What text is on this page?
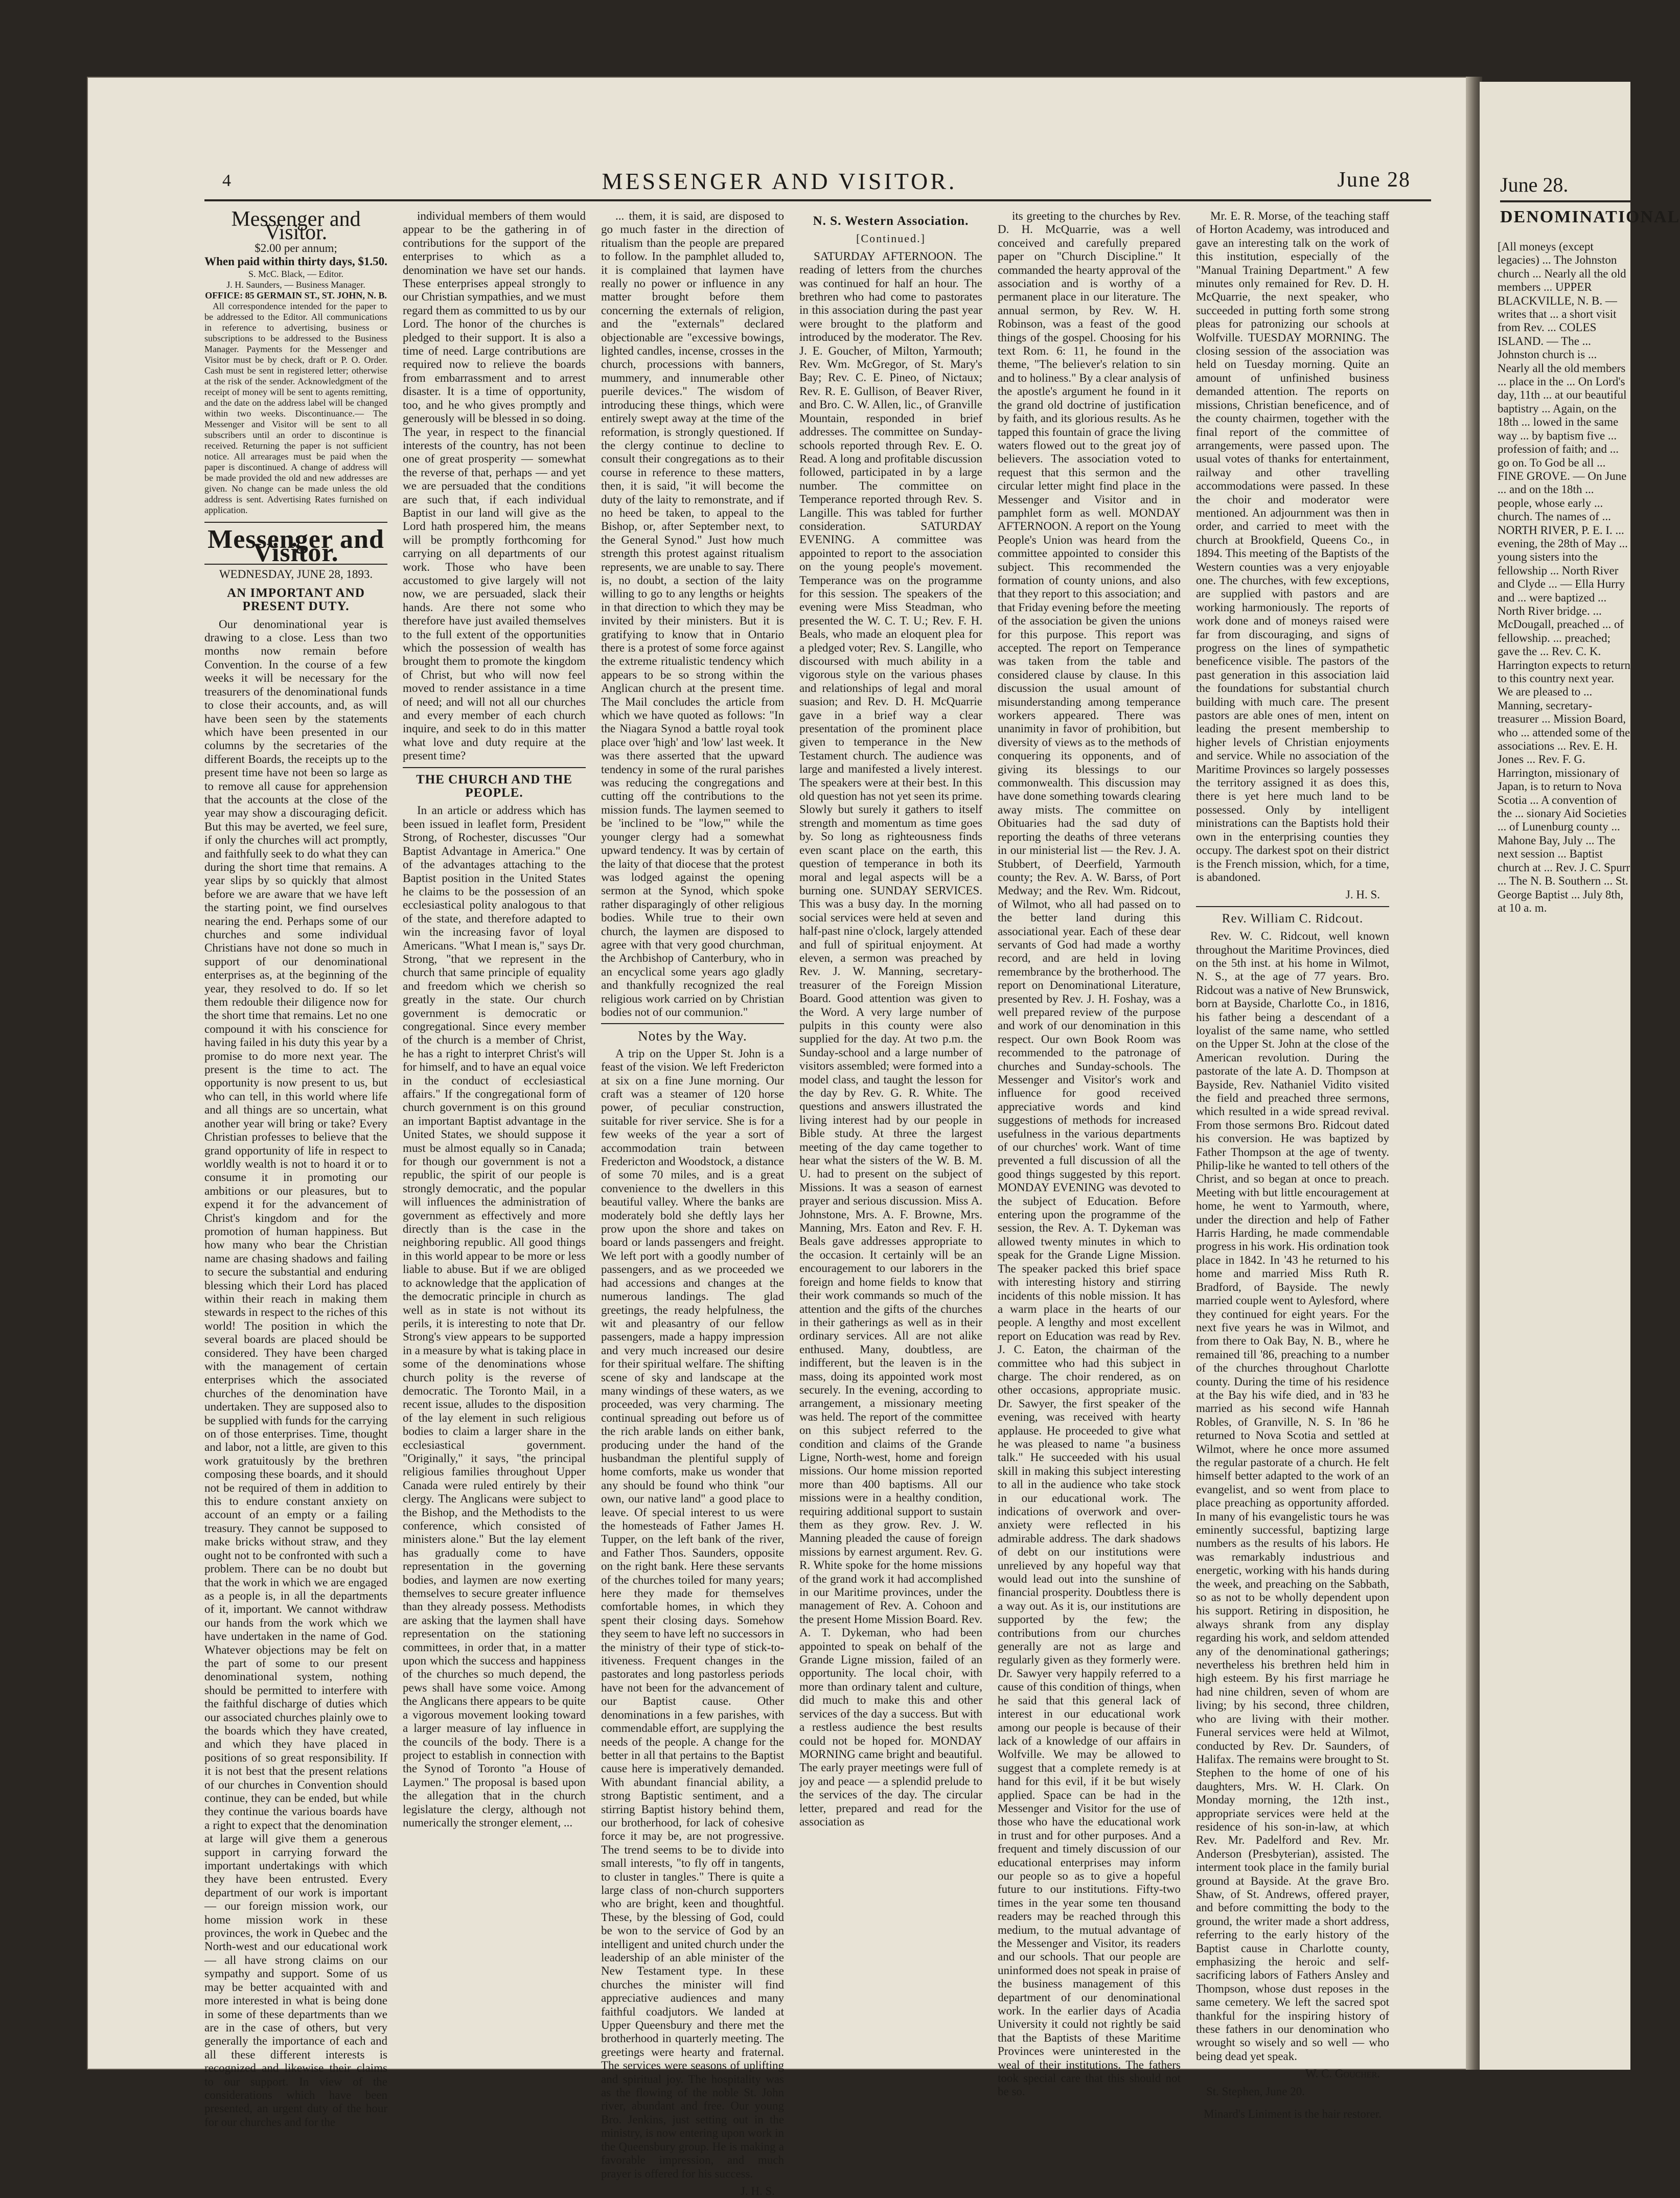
4	MESSENGER AND VISITOR.	June 28
Messenger and Visitor.
$2.00 per annum;
When paid within thirty days, $1.50.
S. McC. Black, — Editor.
J. H. Saunders, — Business Manager.
OFFICE: 85 GERMAIN ST., ST. JOHN, N. B.

All correspondence intended for the paper to be addressed to the Editor. All communications in reference to advertising, business or subscriptions to be addressed to the Business Manager. Payments for the Messenger and Visitor must be by check, draft or P. O. Order. Cash must be sent in registered letter; otherwise at the risk of the sender. Acknowledgment of the receipt of money will be sent to agents remitting, and the date on the address label will be changed within two weeks. Discontinuance.— The Messenger and Visitor will be sent to all subscribers until an order to discontinue is received. Returning the paper is not sufficient notice. All arrearages must be paid when the paper is discontinued. A change of address will be made provided the old and new addresses are given. No change can be made unless the old address is sent. Advertising Rates furnished on application.

Messenger and Visitor.
WEDNESDAY, JUNE 28, 1893.
AN IMPORTANT AND PRESENT DUTY.

Our denominational year is drawing to a close. Less than two months now remain before Convention. In the course of a few weeks it will be necessary for the treasurers of the denominational funds to close their accounts, and, as will have been seen by the statements which have been presented in our columns by the secretaries of the different Boards, the receipts up to the present time have not been so large as to remove all cause for apprehension that the accounts at the close of the year may show a discouraging deficit. But this may be averted, we feel sure, if only the churches will act promptly, and faithfully seek to do what they can during the short time that remains. A year slips by so quickly that almost before we are aware that we have left the starting point, we find ourselves nearing the end. Perhaps some of our churches and some individual Christians have not done so much in support of our denominational enterprises as, at the beginning of the year, they resolved to do. If so let them redouble their diligence now for the short time that remains. Let no one compound it with his conscience for having failed in his duty this year by a promise to do more next year. The present is the time to act. The opportunity is now present to us, but who can tell, in this world where life and all things are so uncertain, what another year will bring or take? Every Christian professes to believe that the grand opportunity of life in respect to worldly wealth is not to hoard it or to consume it in promoting our ambitions or our pleasures, but to expend it for the advancement of Christ's kingdom and for the promotion of human happiness. But how many who bear the Christian name are chasing shadows and failing to secure the substantial and enduring blessing which their Lord has placed within their reach in making them stewards in respect to the riches of this world! The position in which the several boards are placed should be considered. They have been charged with the management of certain enterprises which the associated churches of the denomination have undertaken. They are supposed also to be supplied with funds for the carrying on of those enterprises. Time, thought and labor, not a little, are given to this work gratuitously by the brethren composing these boards, and it should not be required of them in addition to this to endure constant anxiety on account of an empty or a failing treasury. They cannot be supposed to make bricks without straw, and they ought not to be confronted with such a problem. There can be no doubt but that the work in which we are engaged as a people is, in all the departments of it, important. We cannot withdraw our hands from the work which we have undertaken in the name of God. Whatever objections may be felt on the part of some to our present denominational system, nothing should be permitted to interfere with the faithful discharge of duties which our associated churches plainly owe to the boards which they have created, and which they have placed in positions of so great responsibility. If it is not best that the present relations of our churches in Convention should continue, they can be ended, but while they continue the various boards have a right to expect that the denomination at large will give them a generous support in carrying forward the important undertakings with which they have been entrusted. Every department of our work is important — our foreign mission work, our home mission work in these provinces, the work in Quebec and the North-west and our educational work — all have strong claims on our sympathy and support. Some of us may be better acquainted with and more interested in what is being done in some of these departments than we are in the case of others, but very generally the importance of each and all these different interests is recognized and likewise their claims to our support. In view of the considerations which have been presented, an urgent duty of the hour for our churches and for the

individual members of them would appear to be the gathering in of contributions for the support of the enterprises to which as a denomination we have set our hands. These enterprises appeal strongly to our Christian sympathies, and we must regard them as committed to us by our Lord. The honor of the churches is pledged to their support. It is also a time of need. Large contributions are required now to relieve the boards from embarrassment and to arrest disaster. It is a time of opportunity, too, and he who gives promptly and generously will be blessed in so doing. The year, in respect to the financial interests of the country, has not been one of great prosperity — somewhat the reverse of that, perhaps — and yet we are persuaded that the conditions are such that, if each individual Baptist in our land will give as the Lord hath prospered him, the means will be promptly forthcoming for carrying on all departments of our work. Those who have been accustomed to give largely will not now, we are persuaded, slack their hands. Are there not some who therefore have just availed themselves to the full extent of the opportunities which the possession of wealth has brought them to promote the kingdom of Christ, but who will now feel moved to render assistance in a time of need; and will not all our churches and every member of each church inquire, and seek to do in this matter what love and duty require at the present time?

THE CHURCH AND THE PEOPLE.

In an article or address which has been issued in leaflet form, President Strong, of Rochester, discusses "Our Baptist Advantage in America." One of the advantages attaching to the Baptist position in the United States he claims to be the possession of an ecclesiastical polity analogous to that of the state, and therefore adapted to win the increasing favor of loyal Americans. "What I mean is," says Dr. Strong, "that we represent in the church that same principle of equality and freedom which we cherish so greatly in the state. Our church government is democratic or congregational. Since every member of the church is a member of Christ, he has a right to interpret Christ's will for himself, and to have an equal voice in the conduct of ecclesiastical affairs." If the congregational form of church government is on this ground an important Baptist advantage in the United States, we should suppose it must be almost equally so in Canada; for though our government is not a republic, the spirit of our people is strongly democratic, and the popular will influences the administration of government as effectively and more directly than is the case in the neighboring republic. All good things in this world appear to be more or less liable to abuse. But if we are obliged to acknowledge that the application of the democratic principle in church as well as in state is not without its perils, it is interesting to note that Dr. Strong's view appears to be supported in a measure by what is taking place in some of the denominations whose church polity is the reverse of democratic. The Toronto Mail, in a recent issue, alludes to the disposition of the lay element in such religious bodies to claim a larger share in the ecclesiastical government. "Originally," it says, "the principal religious families throughout Upper Canada were ruled entirely by their clergy. The Anglicans were subject to the Bishop, and the Methodists to the conference, which consisted of ministers alone." But the lay element has gradually come to have representation in the governing bodies, and laymen are now exerting themselves to secure greater influence than they already possess. Methodists are asking that the laymen shall have representation on the stationing committees, in order that, in a matter upon which the success and happiness of the churches so much depend, the pews shall have some voice. Among the Anglicans there appears to be quite a vigorous movement looking toward a larger measure of lay influence in the councils of the body. There is a project to establish in connection with the Synod of Toronto "a House of Laymen." The proposal is based upon the allegation that in the church legislature the clergy, although not numerically the stronger element, ...

... them, it is said, are disposed to go much faster in the direction of ritualism than the people are prepared to follow. In the pamphlet alluded to, it is complained that laymen have really no power or influence in any matter brought before them concerning the externals of religion, and the "externals" declared objectionable are "excessive bowings, lighted candles, incense, crosses in the church, processions with banners, mummery, and innumerable other puerile devices." The wisdom of introducing these things, which were entirely swept away at the time of the reformation, is strongly questioned. If the clergy continue to decline to consult their congregations as to their course in reference to these matters, then, it is said, "it will become the duty of the laity to remonstrate, and if no heed be taken, to appeal to the Bishop, or, after September next, to the General Synod." Just how much strength this protest against ritualism represents, we are unable to say. There is, no doubt, a section of the laity willing to go to any lengths or heights in that direction to which they may be invited by their ministers. But it is gratifying to know that in Ontario there is a protest of some force against the extreme ritualistic tendency which appears to be so strong within the Anglican church at the present time. The Mail concludes the article from which we have quoted as follows: "In the Niagara Synod a battle royal took place over 'high' and 'low' last week. It was there asserted that the upward tendency in some of the rural parishes was reducing the congregations and cutting off the contributions to the mission funds. The laymen seemed to be 'inclined to be "low,"' while the younger clergy had a somewhat upward tendency. It was by certain of the laity of that diocese that the protest was lodged against the opening sermon at the Synod, which spoke rather disparagingly of other religious bodies. While true to their own church, the laymen are disposed to agree with that very good churchman, the Archbishop of Canterbury, who in an encyclical some years ago gladly and thankfully recognized the real religious work carried on by Christian bodies not of our communion."

Notes by the Way.

A trip on the Upper St. John is a feast of the vision. We left Fredericton at six on a fine June morning. Our craft was a steamer of 120 horse power, of peculiar construction, suitable for river service. She is for a few weeks of the year a sort of accommodation train between Fredericton and Woodstock, a distance of some 70 miles, and is a great convenience to the dwellers in this beautiful valley. Where the banks are moderately bold she deftly lays her prow upon the shore and takes on board or lands passengers and freight. We left port with a goodly number of passengers, and as we proceeded we had accessions and changes at the numerous landings. The glad greetings, the ready helpfulness, the wit and pleasantry of our fellow passengers, made a happy impression and very much increased our desire for their spiritual welfare. The shifting scene of sky and landscape at the many windings of these waters, as we proceeded, was very charming. The continual spreading out before us of the rich arable lands on either bank, producing under the hand of the husbandman the plentiful supply of home comforts, make us wonder that any should be found who think "our own, our native land" a good place to leave. Of special interest to us were the homesteads of Father James H. Tupper, on the left bank of the river, and Father Thos. Saunders, opposite on the right bank. Here these servants of the churches toiled for many years; here they made for themselves comfortable homes, in which they spent their closing days. Somehow they seem to have left no successors in the ministry of their type of stick-to-itiveness. Frequent changes in the pastorates and long pastorless periods have not been for the advancement of our Baptist cause. Other denominations in a few parishes, with commendable effort, are supplying the needs of the people. A change for the better in all that pertains to the Baptist cause here is imperatively demanded. With abundant financial ability, a strong Baptistic sentiment, and a stirring Baptist history behind them, our brotherhood, for lack of cohesive force it may be, are not progressive. The trend seems to be to divide into small interests, "to fly off in tangents, to cluster in tangles." There is quite a large class of non-church supporters who are bright, keen and thoughtful. These, by the blessing of God, could be won to the service of God by an intelligent and united church under the leadership of an able minister of the New Testament type. In these churches the minister will find appreciative audiences and many faithful coadjutors. We landed at Upper Queensbury and there met the brotherhood in quarterly meeting. The greetings were hearty and fraternal. The services were seasons of uplifting and spiritual joy. The hospitality was as the flowing of the noble St. John river, abundant and free. Our young Bro. Jenkins, just setting out in the ministry, is now entering upon work in the Queensbury group. He is making a favorable impression, and much prayer is offered for his success.

J. H. S.
N. S. Western Association.
[Continued.]

SATURDAY AFTERNOON. The reading of letters from the churches was continued for half an hour. The brethren who had come to pastorates in this association during the past year were brought to the platform and introduced by the moderator. The Rev. J. E. Goucher, of Milton, Yarmouth; Rev. Wm. McGregor, of St. Mary's Bay; Rev. C. E. Pineo, of Nictaux; Rev. R. E. Gullison, of Beaver River, and Bro. C. W. Allen, lic., of Granville Mountain, responded in brief addresses. The committee on Sunday-schools reported through Rev. E. O. Read. A long and profitable discussion followed, participated in by a large number. The committee on Temperance reported through Rev. S. Langille. This was tabled for further consideration. SATURDAY EVENING. A committee was appointed to report to the association on the young people's movement. Temperance was on the programme for this session. The speakers of the evening were Miss Steadman, who presented the W. C. T. U.; Rev. F. H. Beals, who made an eloquent plea for a pledged voter; Rev. S. Langille, who discoursed with much ability in a vigorous style on the various phases and relationships of legal and moral suasion; and Rev. D. H. McQuarrie gave in a brief way a clear presentation of the prominent place given to temperance in the New Testament church. The audience was large and manifested a lively interest. The speakers were at their best. In this old question has not yet seen its prime. Slowly but surely it gathers to itself strength and momentum as time goes by. So long as righteousness finds even scant place on the earth, this question of temperance in both its moral and legal aspects will be a burning one. SUNDAY SERVICES. This was a busy day. In the morning social services were held at seven and half-past nine o'clock, largely attended and full of spiritual enjoyment. At eleven, a sermon was preached by Rev. J. W. Manning, secretary-treasurer of the Foreign Mission Board. Good attention was given to the Word. A very large number of pulpits in this county were also supplied for the day. At two p.m. the Sunday-school and a large number of visitors assembled; were formed into a model class, and taught the lesson for the day by Rev. G. R. White. The questions and answers illustrated the living interest had by our people in Bible study. At three the largest meeting of the day came together to hear what the sisters of the W. B. M. U. had to present on the subject of Missions. It was a season of earnest prayer and serious discussion. Miss A. Johnstone, Mrs. A. F. Browne, Mrs. Manning, Mrs. Eaton and Rev. F. H. Beals gave addresses appropriate to the occasion. It certainly will be an encouragement to our laborers in the foreign and home fields to know that their work commands so much of the attention and the gifts of the churches in their gatherings as well as in their ordinary services. All are not alike enthused. Many, doubtless, are indifferent, but the leaven is in the mass, doing its appointed work most securely. In the evening, according to arrangement, a missionary meeting was held. The report of the committee on this subject referred to the condition and claims of the Grande Ligne, North-west, home and foreign missions. Our home mission reported more than 400 baptisms. All our missions were in a healthy condition, requiring additional support to sustain them as they grow. Rev. J. W. Manning pleaded the cause of foreign missions by earnest argument. Rev. G. R. White spoke for the home missions of the grand work it had accomplished in our Maritime provinces, under the management of Rev. A. Cohoon and the present Home Mission Board. Rev. A. T. Dykeman, who had been appointed to speak on behalf of the Grande Ligne mission, failed of an opportunity. The local choir, with more than ordinary talent and culture, did much to make this and other services of the day a success. But with a restless audience the best results could not be hoped for. MONDAY MORNING came bright and beautiful. The early prayer meetings were full of joy and peace — a splendid prelude to the services of the day. The circular letter, prepared and read for the association as

its greeting to the churches by Rev. D. H. McQuarrie, was a well conceived and carefully prepared paper on "Church Discipline." It commanded the hearty approval of the association and is worthy of a permanent place in our literature. The annual sermon, by Rev. W. H. Robinson, was a feast of the good things of the gospel. Choosing for his text Rom. 6: 11, he found in the theme, "The believer's relation to sin and to holiness." By a clear analysis of the apostle's argument he found in it the grand old doctrine of justification by faith, and its glorious results. As he tapped this fountain of grace the living waters flowed out to the great joy of believers. The association voted to request that this sermon and the circular letter might find place in the Messenger and Visitor and in pamphlet form as well. MONDAY AFTERNOON. A report on the Young People's Union was heard from the committee appointed to consider this subject. This recommended the formation of county unions, and also that they report to this association; and that Friday evening before the meeting of the association be given the unions for this purpose. This report was accepted. The report on Temperance was taken from the table and considered clause by clause. In this discussion the usual amount of misunderstanding among temperance workers appeared. There was unanimity in favor of prohibition, but diversity of views as to the methods of conquering its opponents, and of giving its blessings to our commonwealth. This discussion may have done something towards clearing away mists. The committee on Obituaries had the sad duty of reporting the deaths of three veterans in our ministerial list — the Rev. J. A. Stubbert, of Deerfield, Yarmouth county; the Rev. A. W. Barss, of Port Medway; and the Rev. Wm. Ridcout, of Wilmot, who all had passed on to the better land during this associational year. Each of these dear servants of God had made a worthy record, and are held in loving remembrance by the brotherhood. The report on Denominational Literature, presented by Rev. J. H. Foshay, was a well prepared review of the purpose and work of our denomination in this respect. Our own Book Room was recommended to the patronage of churches and Sunday-schools. The Messenger and Visitor's work and influence for good received appreciative words and kind suggestions of methods for increased usefulness in the various departments of our churches' work. Want of time prevented a full discussion of all the good things suggested by this report. MONDAY EVENING was devoted to the subject of Education. Before entering upon the programme of the session, the Rev. A. T. Dykeman was allowed twenty minutes in which to speak for the Grande Ligne Mission. The speaker packed this brief space with interesting history and stirring incidents of this noble mission. It has a warm place in the hearts of our people. A lengthy and most excellent report on Education was read by Rev. J. C. Eaton, the chairman of the committee who had this subject in charge. The choir rendered, as on other occasions, appropriate music. Dr. Sawyer, the first speaker of the evening, was received with hearty applause. He proceeded to give what he was pleased to name "a business talk." He succeeded with his usual skill in making this subject interesting to all in the audience who take stock in our educational work. The indications of overwork and over-anxiety were reflected in his admirable address. The dark shadows of debt on our institutions were unrelieved by any hopeful way that would lead out into the sunshine of financial prosperity. Doubtless there is a way out. As it is, our institutions are supported by the few; the contributions from our churches generally are not as large and regularly given as they formerly were. Dr. Sawyer very happily referred to a cause of this condition of things, when he said that this general lack of interest in our educational work among our people is because of their lack of a knowledge of our affairs in Wolfville. We may be allowed to suggest that a complete remedy is at hand for this evil, if it be but wisely applied. Space can be had in the Messenger and Visitor for the use of those who have the educational work in trust and for other purposes. And a frequent and timely discussion of our educational enterprises may inform our people so as to give a hopeful future to our institutions. Fifty-two times in the year some ten thousand readers may be reached through this medium, to the mutual advantage of the Messenger and Visitor, its readers and our schools. That our people are uninformed does not speak in praise of the business management of this department of our denominational work. In the earlier days of Acadia University it could not rightly be said that the Baptists of these Maritime Provinces were uninterested in the weal of their institutions. The fathers took special care that this should not be so.

Mr. E. R. Morse, of the teaching staff of Horton Academy, was introduced and gave an interesting talk on the work of this institution, especially of the "Manual Training Department." A few minutes only remained for Rev. D. H. McQuarrie, the next speaker, who succeeded in putting forth some strong pleas for patronizing our schools at Wolfville. TUESDAY MORNING. The closing session of the association was held on Tuesday morning. Quite an amount of unfinished business demanded attention. The reports on missions, Christian beneficence, and of the county chairmen, together with the final report of the committee of arrangements, were passed upon. The usual votes of thanks for entertainment, railway and other travelling accommodations were passed. In these the choir and moderator were mentioned. An adjournment was then in order, and carried to meet with the church at Brookfield, Queens Co., in 1894. This meeting of the Baptists of the Western counties was a very enjoyable one. The churches, with few exceptions, are supplied with pastors and are working harmoniously. The reports of work done and of moneys raised were far from discouraging, and signs of progress on the lines of sympathetic beneficence visible. The pastors of the past generation in this association laid the foundations for substantial church building with much care. The present pastors are able ones of men, intent on leading the present membership to higher levels of Christian enjoyments and service. While no association of the Maritime Provinces so largely possesses the territory assigned it as does this, there is yet here much land to be possessed. Only by intelligent ministrations can the Baptists hold their own in the enterprising counties they occupy. The darkest spot on their district is the French mission, which, for a time, is abandoned.

J. H. S.
Rev. William C. Ridcout.

Rev. W. C. Ridcout, well known throughout the Maritime Provinces, died on the 5th inst. at his home in Wilmot, N. S., at the age of 77 years. Bro. Ridcout was a native of New Brunswick, born at Bayside, Charlotte Co., in 1816, his father being a descendant of a loyalist of the same name, who settled on the Upper St. John at the close of the American revolution. During the pastorate of the late A. D. Thompson at Bayside, Rev. Nathaniel Vidito visited the field and preached three sermons, which resulted in a wide spread revival. From those sermons Bro. Ridcout dated his conversion. He was baptized by Father Thompson at the age of twenty. Philip-like he wanted to tell others of the Christ, and so began at once to preach. Meeting with but little encouragement at home, he went to Yarmouth, where, under the direction and help of Father Harris Harding, he made commendable progress in his work. His ordination took place in 1842. In '43 he returned to his home and married Miss Ruth R. Bradford, of Bayside. The newly married couple went to Aylesford, where they continued for eight years. For the next five years he was in Wilmot, and from there to Oak Bay, N. B., where he remained till '86, preaching to a number of the churches throughout Charlotte county. During the time of his residence at the Bay his wife died, and in '83 he married as his second wife Hannah Robles, of Granville, N. S. In '86 he returned to Nova Scotia and settled at Wilmot, where he once more assumed the regular pastorate of a church. He felt himself better adapted to the work of an evangelist, and so went from place to place preaching as opportunity afforded. In many of his evangelistic tours he was eminently successful, baptizing large numbers as the results of his labors. He was remarkably industrious and energetic, working with his hands during the week, and preaching on the Sabbath, so as not to be wholly dependent upon his support. Retiring in disposition, he always shrank from any display regarding his work, and seldom attended any of the denominational gatherings; nevertheless his brethren held him in high esteem. By his first marriage he had nine children, seven of whom are living; by his second, three children, who are living with their mother. Funeral services were held at Wilmot, conducted by Rev. Dr. Saunders, of Halifax. The remains were brought to St. Stephen to the home of one of his daughters, Mrs. W. H. Clark. On Monday morning, the 12th inst., appropriate services were held at the residence of his son-in-law, at which Rev. Mr. Padelford and Rev. Mr. Anderson (Presbyterian), assisted. The interment took place in the family burial ground at Bayside. At the grave Bro. Shaw, of St. Andrews, offered prayer, and before committing the body to the ground, the writer made a short address, referring to the early history of the Baptist cause in Charlotte county, emphasizing the heroic and self-sacrificing labors of Fathers Ansley and Thompson, whose dust reposes in the same cemetery. We left the sacred spot thankful for the inspiring history of these fathers in our denomination who wrought so wisely and so well — who being dead yet speak.

W. C. Goucher.
St. Stephen, June 20.
Minard's Liniment is the hair restorer.
June 28.
DENOMINATIONAL

[All moneys (except legacies) ... The Johnston church ... Nearly all the old members ... UPPER BLACKVILLE, N. B. — writes that ... a short visit from Rev. ... COLES ISLAND. — The ... Johnston church is ... Nearly all the old members ... place in the ... On Lord's day, 11th ... at our beautiful baptistry ... Again, on the 18th ... lowed in the same way ... by baptism five ... profession of faith; and ... go on. To God be all ... FINE GROVE. — On June ... and on the 18th ... people, whose early ... church. The names of ... NORTH RIVER, P. E. I. ... evening, the 28th of May ... young sisters into the fellowship ... North River and Clyde ... — Ella Hurry and ... were baptized ... North River bridge. ... McDougall, preached ... of fellowship. ... preached; gave the ... Rev. C. K. Harrington expects to return to this country next year. We are pleased to ... Manning, secretary-treasurer ... Mission Board, who ... attended some of the associations ... Rev. E. H. Jones ... Rev. F. G. Harrington, missionary of Japan, is to return to Nova Scotia ... A convention of the ... sionary Aid Societies ... of Lunenburg county ... Mahone Bay, July ... The next session ... Baptist church at ... Rev. J. C. Spurr ... The N. B. Southern ... St. George Baptist ... July 8th, at 10 a. m.
